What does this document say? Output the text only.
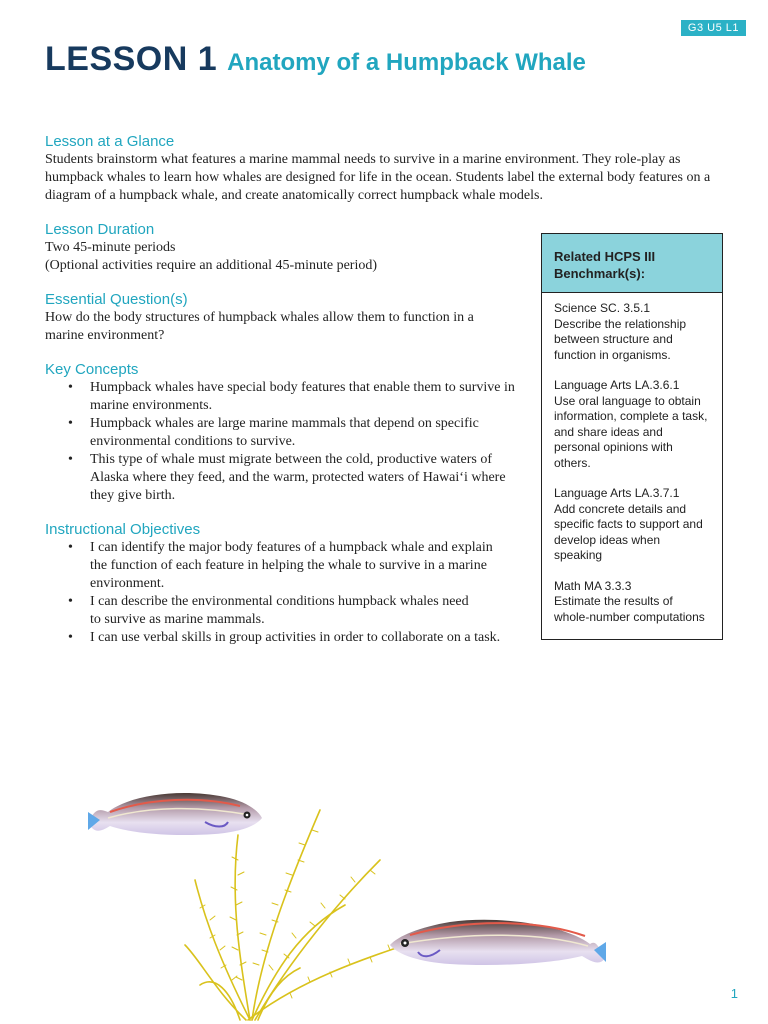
G3 U5 L1
LESSON 1 Anatomy of a Humpback Whale
Lesson at a Glance

Students brainstorm what features a marine mammal needs to survive in a marine environment. They role-play as humpback whales to learn how whales are designed for life in the ocean. Students label the external body features on a diagram of a humpback whale, and create anatomically correct humpback whale models.

Lesson Duration

Two 45-minute periods

(Optional activities require an additional 45-minute period)

Essential Question(s)

How do the body structures of humpback whales allow them to function in a marine environment?

Key Concepts
• Humpback whales have special body features that enable them to survive in marine environments.
• Humpback whales are large marine mammals that depend on specific environmental conditions to survive.
• This type of whale must migrate between the cold, productive waters of Alaska where they feed, and the warm, protected waters of Hawai‘i where they give birth.
Instructional Objectives
• I can identify the major body features of a humpback whale and explain the function of each feature in helping the whale to survive in a marine environment.
• I can describe the environmental conditions humpback whales need to survive as marine mammals.
• I can use verbal skills in group activities in order to collaborate on a task.
Related HCPS III Benchmark(s):
Science SC. 3.5.1
Describe the relationship between structure and function in organisms.
Language Arts LA.3.6.1
Use oral language to obtain information, complete a task, and share ideas and personal opinions with others.
Language Arts LA.3.7.1
Add concrete details and specific facts to support and develop ideas when speaking
Math MA 3.3.3
Estimate the results of whole-number computations
1
